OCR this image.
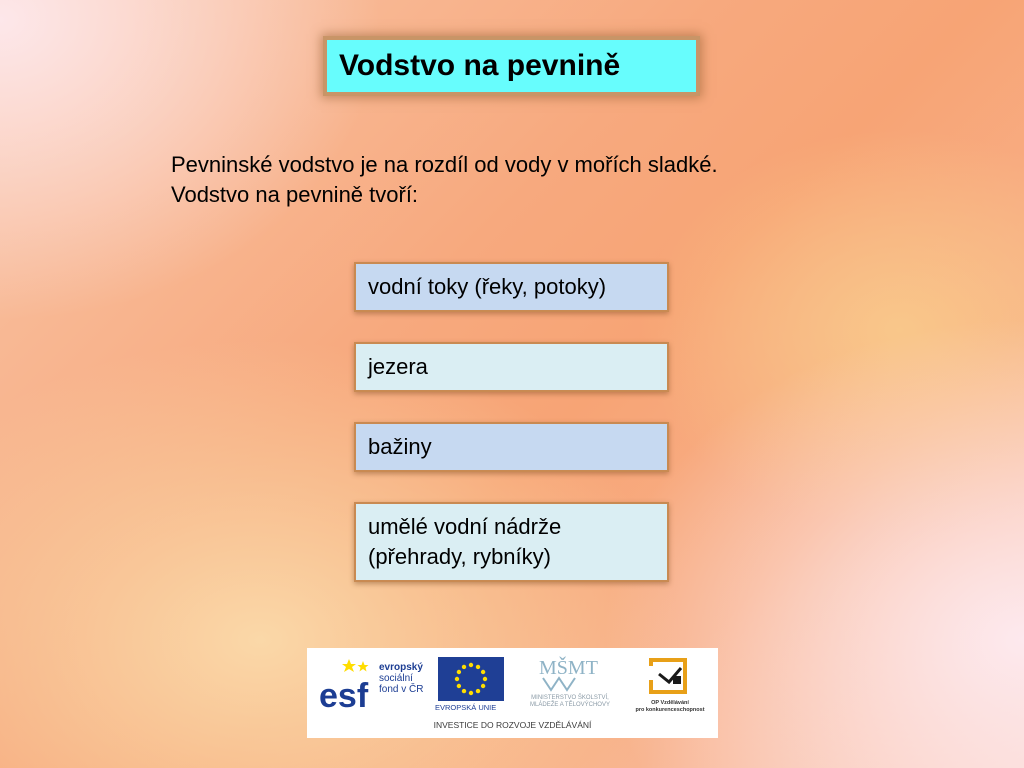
Vodstvo na pevnině
Pevninské vodstvo je na rozdíl od vody v mořích sladké.
Vodstvo na pevnině tvoří:
vodní toky (řeky, potoky)
jezera
bažiny
umělé vodní nádrže
(přehrady, rybníky)
esf
evropský
sociální
fond v ČR
EVROPSKÁ UNIE
MŠMT
MINISTERSTVO ŠKOLSTVÍ,
MLÁDEŽE A TĚLOVÝCHOVY	OP Vzdělávání
pro konkurenceschopnost
INVESTICE DO ROZVOJE VZDĚLÁVÁNÍ
